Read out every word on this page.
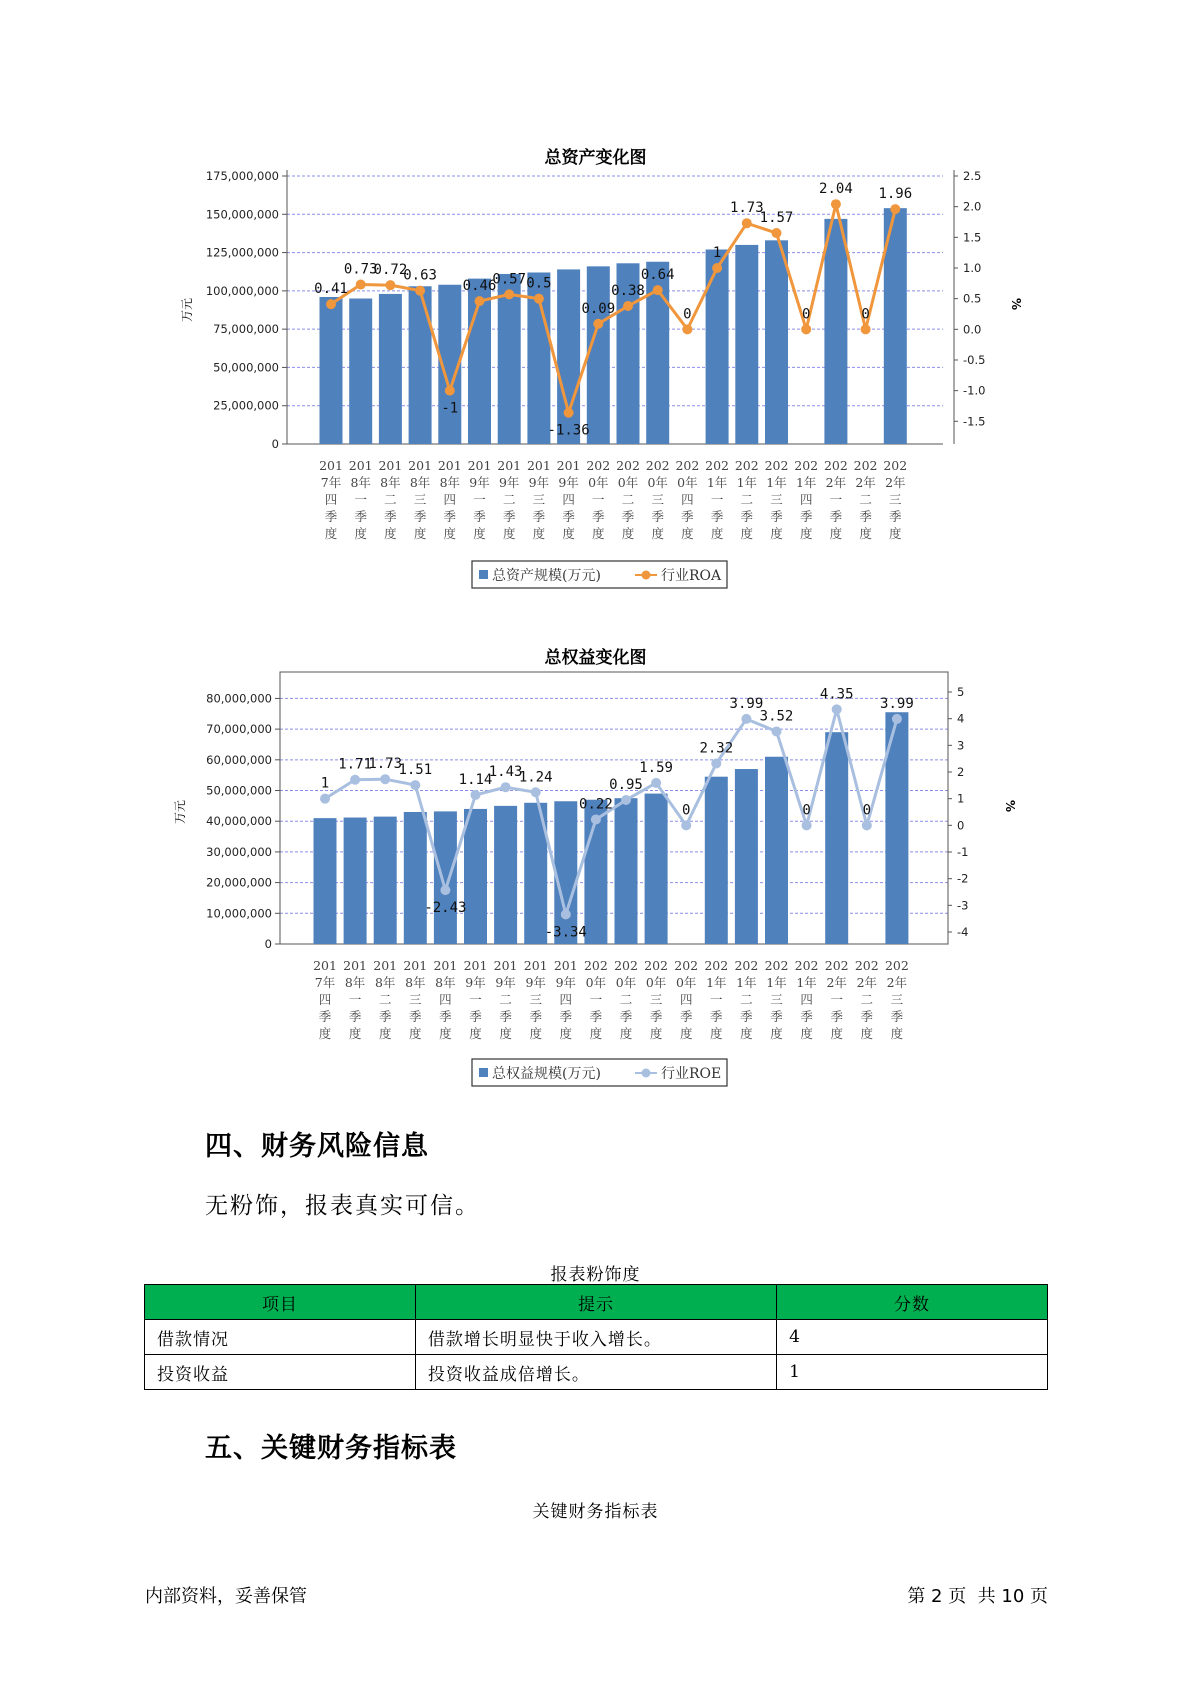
总资产变化图
175,000,000
150,000,000
125,000,000
100,000,000
75,000,000
50,000,000
25,000,000
0
2.5
2.0
1.5
1.0
0.5
0.0
-0.5
-1.0
-1.5
万元	%
0.41
0.73
0.72
0.63
-1
0.46
0.57 0.5
-1.36
0.09
0.38
0.64
0
1
1.73
1.57
0
2.04
0
1.96
201 7年四季度
201 8年一季度
201 8年二季度
201 8年三季度
201 8年四季度
201 9年一季度
201 9年二季度
201 9年三季度
201 9年四季度
202 0年一季度
202 0年二季度
202 0年三季度
202 0年四季度
202 1年一季度
202 1年二季度
202 1年三季度
202 1年四季度
202 2年一季度
202 2年二季度
202 2年三季度
总资产规模(万元)	行业ROA
总权益变化图
80,000,000
70,000,000
60,000,000
50,000,000
40,000,000
30,000,000
20,000,000
10,000,000
0
5
4
3
2
1
0
-1
-2
-3
-4
万元	%
1
1.71
1.73
1.51
-2.43
1.14
1.43
1.24
-3.34
0.22
0.95
1.59
0
2.32
3.99
3.52
0
4.35
0
3.99
201 7年四季度
201 8年一季度
201 8年二季度
201 8年三季度
201 8年四季度
201 9年一季度
201 9年二季度
201 9年三季度
201 9年四季度
202 0年一季度
202 0年二季度
202 0年三季度
202 0年四季度
202 1年一季度
202 1年二季度
202 1年三季度
202 1年四季度
202 2年一季度
202 2年二季度
202 2年三季度
总权益规模(万元)	行业ROE
四、财务风险信息
无粉饰，报表真实可信。
报表粉饰度
项目	提示	分数
借款情况	借款增长明显快于收入增长。	4
投资收益	投资收益成倍增长。	1
五、关键财务指标表
关键财务指标表
内部资料，妥善保管	第 2 页  共 10 页
